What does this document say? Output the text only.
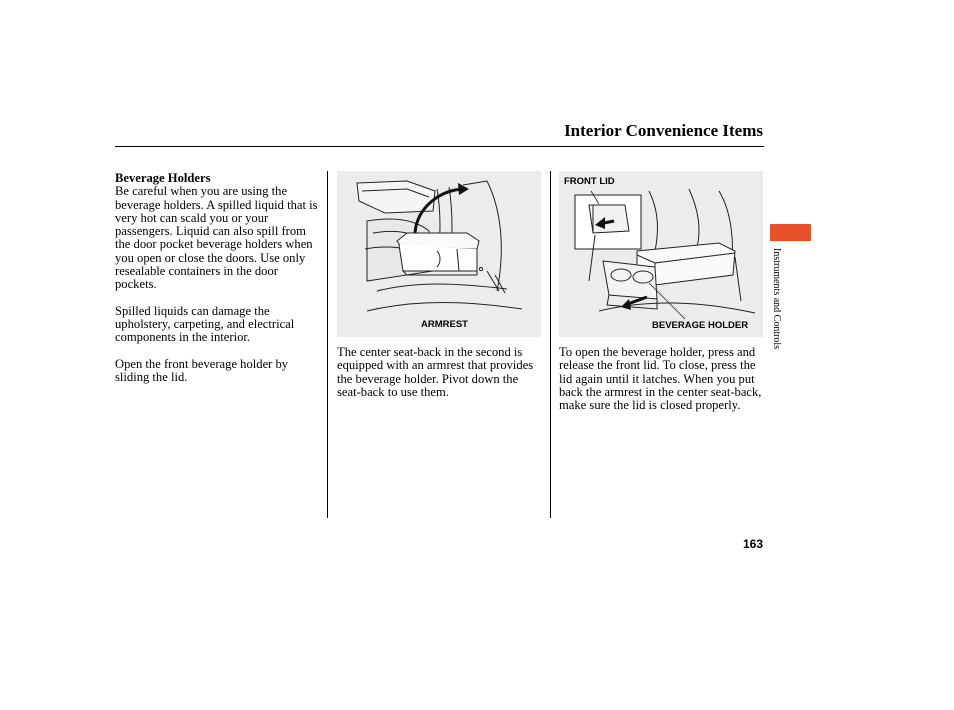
Interior Convenience Items
Beverage Holders

Be careful when you are using the beverage holders. A spilled liquid that is very hot can scald you or your passengers. Liquid can also spill from the door pocket beverage holders when you open or close the doors. Use only resealable containers in the door pockets.

Spilled liquids can damage the upholstery, carpeting, and electrical components in the interior.

Open the front beverage holder by sliding the lid.

ARMREST

The center seat-back in the second is equipped with an armrest that provides the beverage holder. Pivot down the seat-back to use them.

FRONT LID
BEVERAGE HOLDER

To open the beverage holder, press and release the front lid. To close, press the lid again until it latches. When you put back the armrest in the center seat-back, make sure the lid is closed properly.

Instruments and Controls
163
